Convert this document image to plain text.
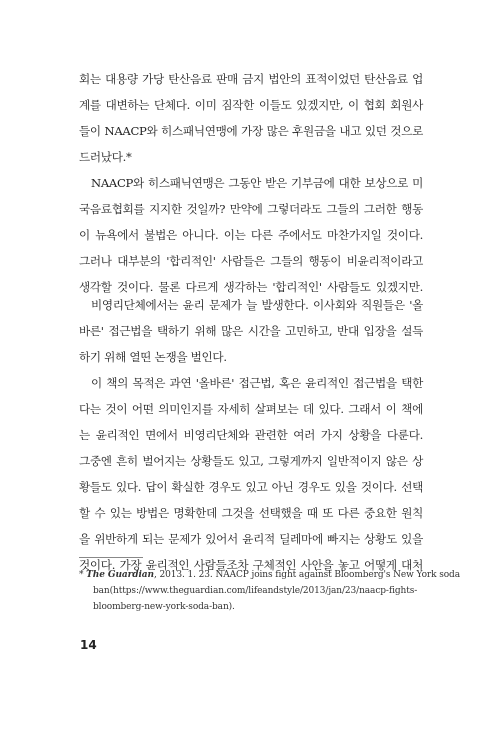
회는 대용량 가당 탄산음료 판매 금지 법안의 표적이었던 탄산음료 업
계를 대변하는 단체다. 이미 짐작한 이들도 있겠지만, 이 협회 회원사
들이 NAACP와 히스패닉연맹에 가장 많은 후원금을 내고 있던 것으로
드러났다.*
NAACP와 히스패닉연맹은 그동안 받은 기부금에 대한 보상으로 미
국음료협회를 지지한 것일까? 만약에 그렇더라도 그들의 그러한 행동
이 뉴욕에서 불법은 아니다. 이는 다른 주에서도 마찬가지일 것이다.
그러나 대부분의 '합리적인' 사람들은 그들의 행동이 비윤리적이라고
생각할 것이다. 물론 다르게 생각하는 '합리적인' 사람들도 있겠지만.
비영리단체에서는 윤리 문제가 늘 발생한다. 이사회와 직원들은 '올
바른' 접근법을 택하기 위해 많은 시간을 고민하고, 반대 입장을 설득
하기 위해 열띤 논쟁을 벌인다.
이 책의 목적은 과연 '올바른' 접근법, 혹은 윤리적인 접근법을 택한
다는 것이 어떤 의미인지를 자세히 살펴보는 데 있다. 그래서 이 책에
는 윤리적인 면에서 비영리단체와 관련한 여러 가지 상황을 다룬다.
그중엔 흔히 벌어지는 상황들도 있고, 그렇게까지 일반적이지 않은 상
황들도 있다. 답이 확실한 경우도 있고 아닌 경우도 있을 것이다. 선택
할 수 있는 방법은 명확한데 그것을 선택했을 때 또 다른 중요한 원칙
을 위반하게 되는 문제가 있어서 윤리적 딜레마에 빠지는 상황도 있을
것이다. 가장 윤리적인 사람들조차 구체적인 사안을 놓고 어떻게 대처
* The Guardian, 2013. 1. 23. NAACP joins fight against Bloomberg's New York soda
ban(https://www.theguardian.com/lifeandstyle/2013/jan/23/naacp-fights-
bloomberg-new-york-soda-ban).
14
